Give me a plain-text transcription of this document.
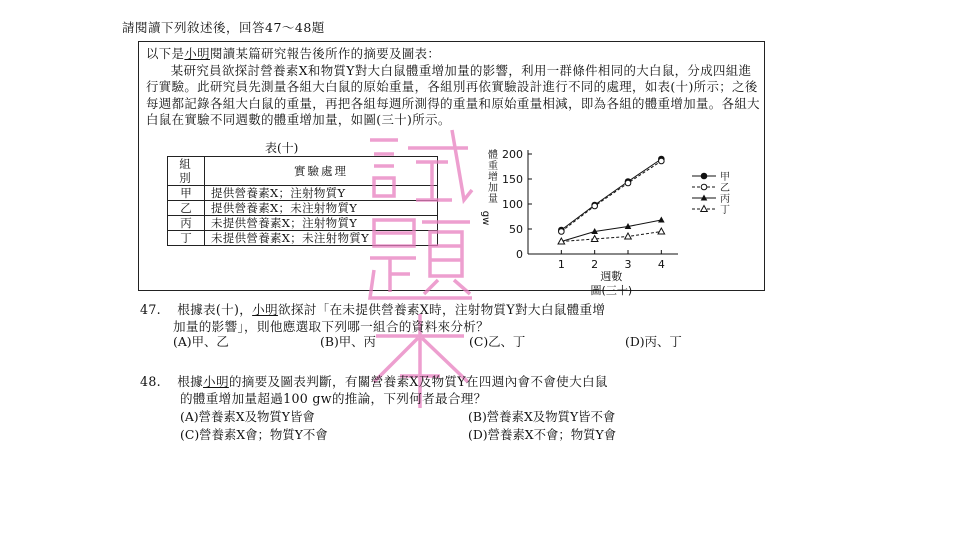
請閱讀下列敘述後，回答47～48題

以下是小明閱讀某篇研究報告後所作的摘要及圖表：

某研究員欲探討營養素X和物質Y對大白鼠體重增加量的影響，利用一群條件相同的大白鼠，分成四組進行實驗。此研究員先測量各組大白鼠的原始重量，各組別再依實驗設計進行不同的處理，如表(十)所示；之後每週都記錄各組大白鼠的重量，再把各組每週所測得的重量和原始重量相減，即為各組的體重增加量。各組大白鼠在實驗不同週數的體重增加量，如圖(三十)所示。

表(十)
組別	實驗處理
甲	提供營養素X；注射物質Y
乙	提供營養素X；未注射物質Y
丙	未提供營養素X；注射物質Y
丁	未提供營養素X；未注射物質Y
0
50
100
150
200
1 2 3 4
週數
圖(三十)
體重增加量
gw
甲
乙
丙
丁
47. 根據表(十)，小明欲探討「在未提供營養素X時，注射物質Y對大白鼠體重增
加量的影響」，則他應選取下列哪一組合的資料來分析？
(A)甲、乙	(B)甲、丙	(C)乙、丁	(D)丙、丁
48. 根據小明的摘要及圖表判斷，有關營養素X及物質Y在四週內會不會使大白鼠
的體重增加量超過100 gw的推論，下列何者最合理？
(A)營養素X及物質Y皆會	(B)營養素X及物質Y皆不會
(C)營養素X會；物質Y不會	(D)營養素X不會；物質Y會
